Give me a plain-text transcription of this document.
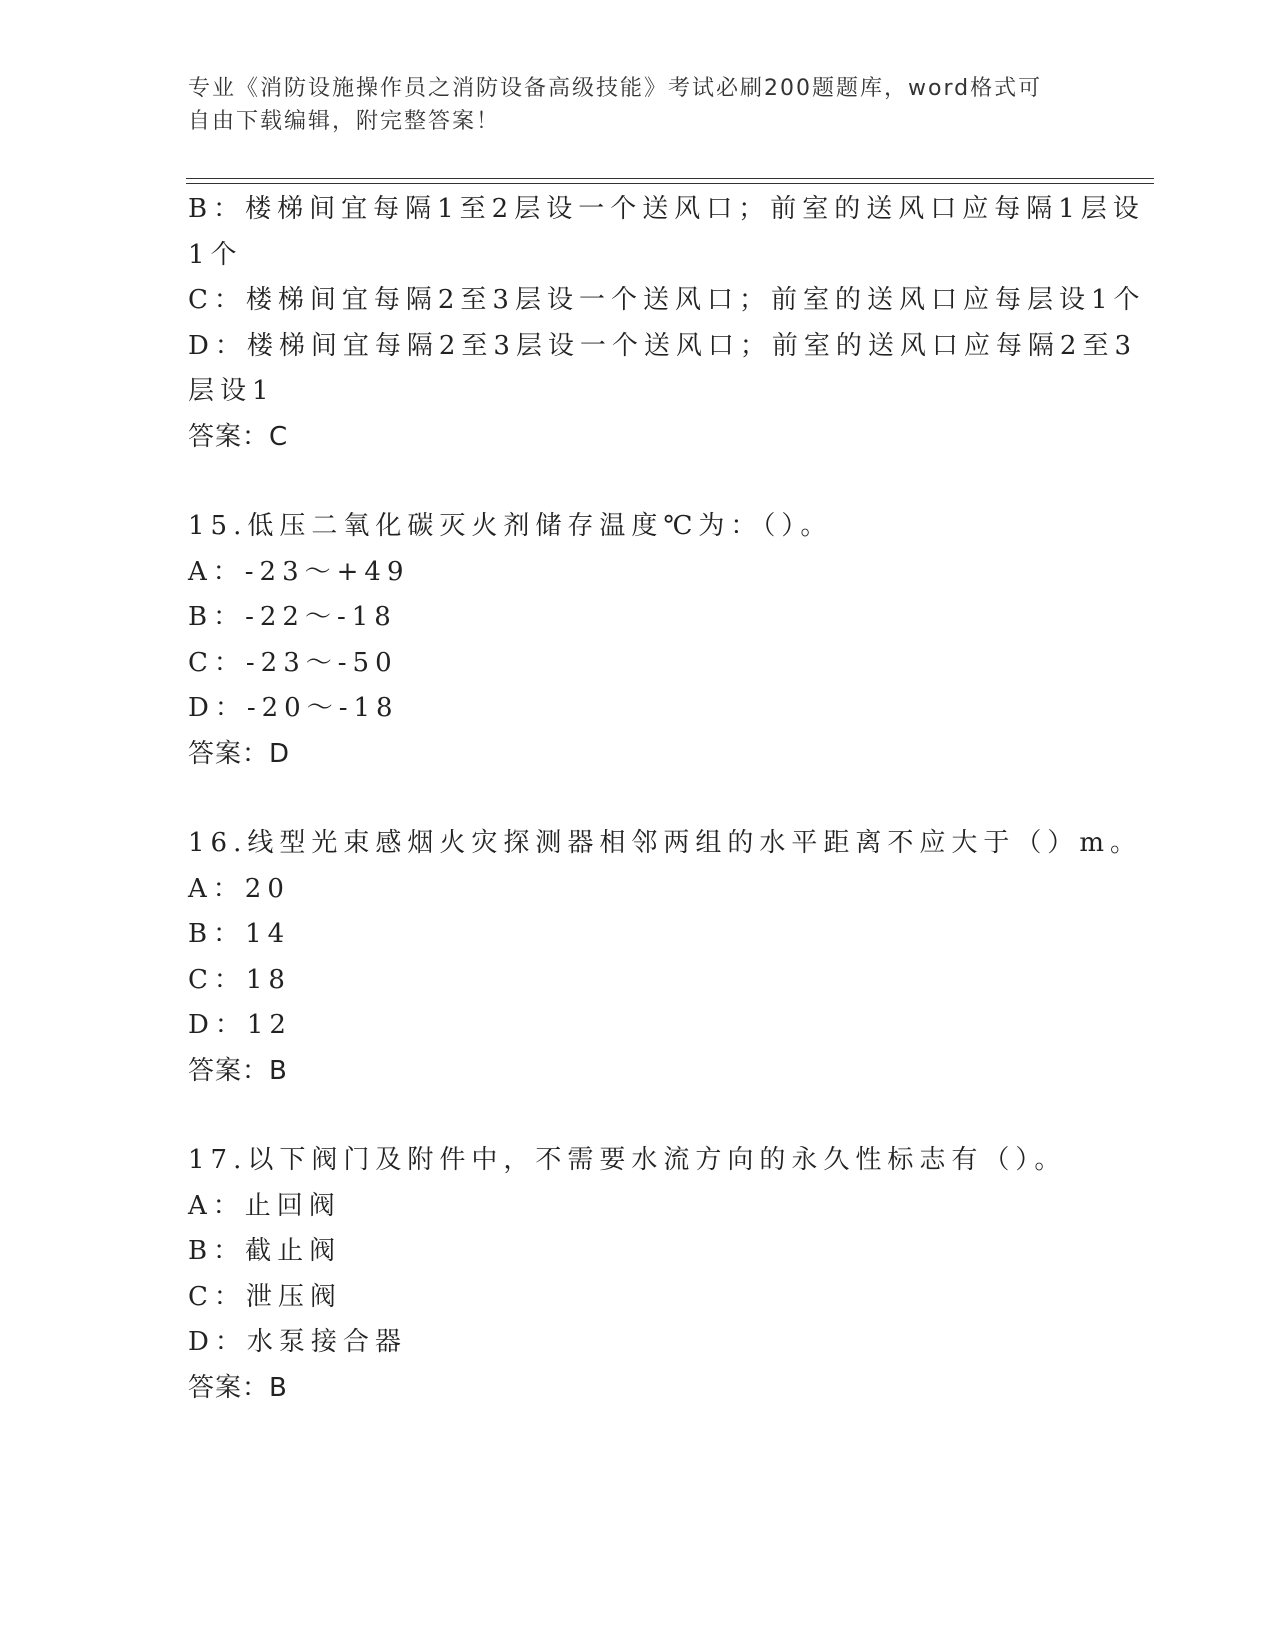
专业《消防设施操作员之消防设备高级技能》考试必刷200题题库，word格式可
自由下载编辑，附完整答案！
B：楼梯间宜每隔1至2层设一个送风口；前室的送风口应每隔1层设
1个
C：楼梯间宜每隔2至3层设一个送风口；前室的送风口应每层设1个
D：楼梯间宜每隔2至3层设一个送风口；前室的送风口应每隔2至3
层设1
答案：C
15.低压二氧化碳灭火剂储存温度℃为：（）。
A：-23～+49
B：-22～-18
C：-23～-50
D：-20～-18
答案：D
16.线型光束感烟火灾探测器相邻两组的水平距离不应大于（）m。
A：20
B：14
C：18
D：12
答案：B
17.以下阀门及附件中，不需要水流方向的永久性标志有（）。
A：止回阀
B：截止阀
C：泄压阀
D：水泵接合器
答案：B
